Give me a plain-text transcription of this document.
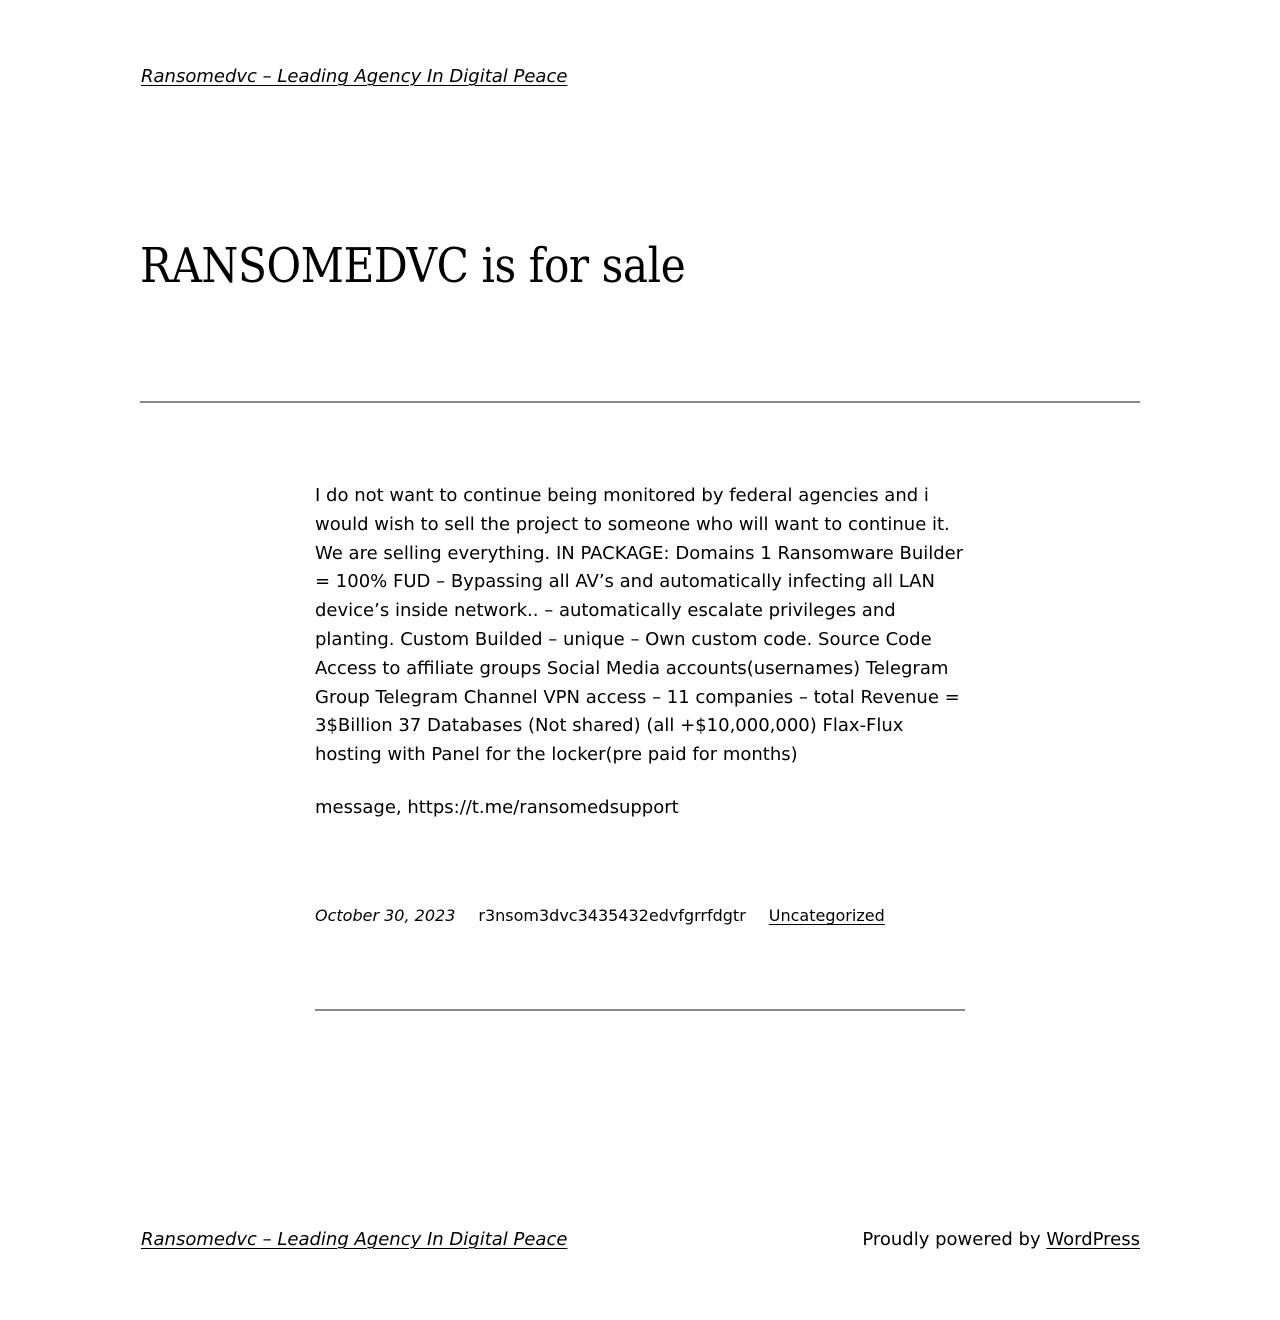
Ransomedvc – Leading Agency In Digital Peace
RANSOMEDVC is for sale

I do not want to continue being monitored by federal agencies and i would wish to sell the project to someone who will want to continue it. We are selling everything. IN PACKAGE: Domains 1 Ransomware Builder = 100% FUD – Bypassing all AV’s and automatically infecting all LAN device’s inside network.. – automatically escalate privileges and planting. Custom Builded – unique – Own custom code. Source Code Access to affiliate groups Social Media accounts(usernames) Telegram Group Telegram Channel VPN access – 11 companies – total Revenue = 3$Billion 37 Databases (Not shared) (all +$10,000,000) Flax-Flux hosting with Panel for the locker(pre paid for months)

message, https://t.me/ransomedsupport

October 30, 2023 r3nsom3dvc3435432edvfgrrfdgtr Uncategorized
Ransomedvc – Leading Agency In Digital Peace	Proudly powered by WordPress
